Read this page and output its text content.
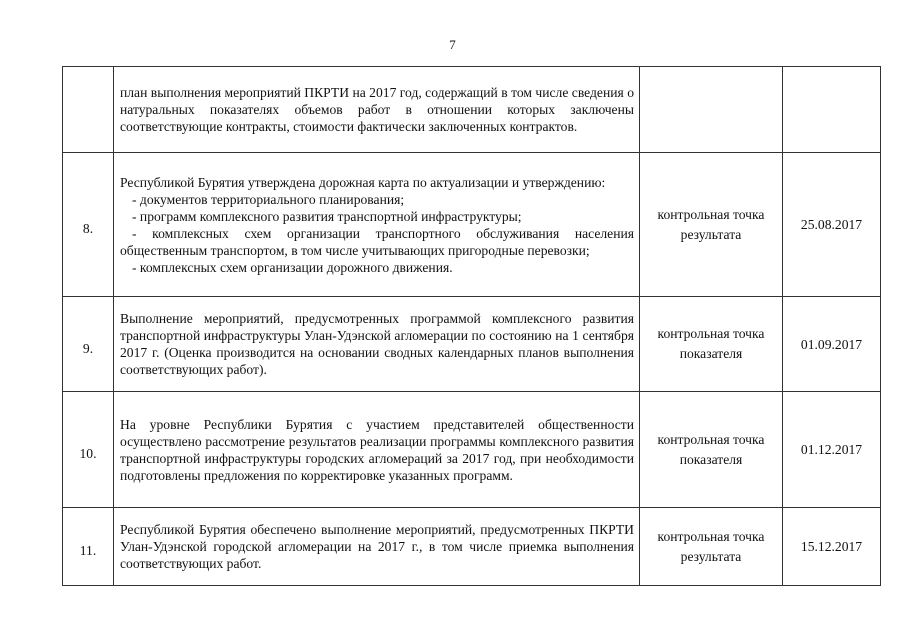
7

	план выполнения мероприятий ПКРТИ на 2017 год, содержащий в том числе сведения о натуральных показателях объемов работ в отношении которых заключены соответствующие контракты, стоимости фактически заключенных контрактов.		

8.	Республикой Бурятия утверждена дорожная карта по актуализации и утверждению:

- документов территориального планирования;

- программ комплексного развития транспортной инфраструктуры;

- комплексных схем организации транспортного обслуживания населения общественным транспортом, в том числе учитывающих пригородные перевозки;

- комплексных схем организации дорожного движения.	контрольная точка результата	25.08.2017
9.	Выполнение мероприятий, предусмотренных программой комплексного развития транспортной инфраструктуры Улан-Удэнской агломерации по состоянию на 1 сентября 2017 г. (Оценка производится на основании сводных календарных планов выполнения соответствующих работ).	контрольная точка показателя	01.09.2017
10.	На уровне Республики Бурятия с участием представителей общественности осуществлено рассмотрение результатов реализации программы комплексного развития транспортной инфраструктуры городских агломераций за 2017 год, при необходимости подготовлены предложения по корректировке указанных программ.	контрольная точка показателя	01.12.2017
11.	Республикой Бурятия обеспечено выполнение мероприятий, предусмотренных ПКРТИ Улан-Удэнской городской агломерации на 2017 г., в том числе приемка выполнения соответствующих работ.	контрольная точка результата	15.12.2017
